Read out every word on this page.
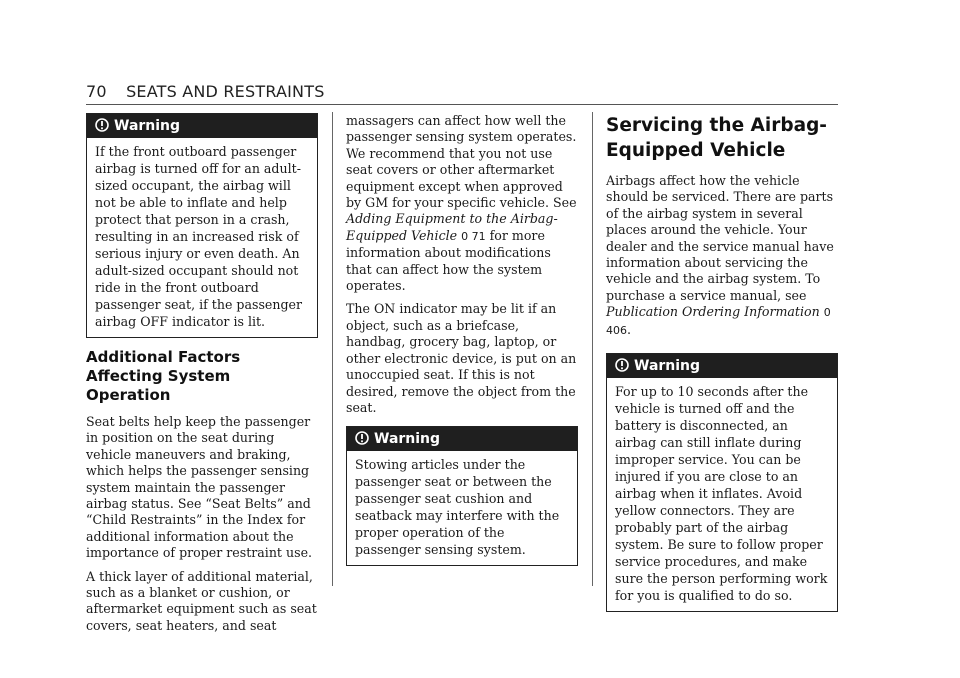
70 SEATS AND RESTRAINTS
Warning
If the front outboard passenger airbag is turned off for an adult-sized occupant, the airbag will not be able to inflate and help protect that person in a crash, resulting in an increased risk of serious injury or even death. An adult-sized occupant should not ride in the front outboard passenger seat, if the passenger airbag OFF indicator is lit.
Additional Factors Affecting System Operation

Seat belts help keep the passenger in position on the seat during vehicle maneuvers and braking, which helps the passenger sensing system maintain the passenger airbag status. See “Seat Belts” and “Child Restraints” in the Index for additional information about the importance of proper restraint use.

A thick layer of additional material, such as a blanket or cushion, or aftermarket equipment such as seat covers, seat heaters, and seat

massagers can affect how well the passenger sensing system operates. We recommend that you not use seat covers or other aftermarket equipment except when approved by GM for your specific vehicle. See Adding Equipment to the Airbag-Equipped Vehicle 0 71 for more information about modifications that can affect how the system operates.

The ON indicator may be lit if an object, such as a briefcase, handbag, grocery bag, laptop, or other electronic device, is put on an unoccupied seat. If this is not desired, remove the object from the seat.

Warning
Stowing articles under the passenger seat or between the passenger seat cushion and seatback may interfere with the proper operation of the passenger sensing system.
Servicing the Airbag-Equipped Vehicle

Airbags affect how the vehicle should be serviced. There are parts of the airbag system in several places around the vehicle. Your dealer and the service manual have information about servicing the vehicle and the airbag system. To purchase a service manual, see Publication Ordering Information 0 406.

Warning
For up to 10 seconds after the vehicle is turned off and the battery is disconnected, an airbag can still inflate during improper service. You can be injured if you are close to an airbag when it inflates. Avoid yellow connectors. They are probably part of the airbag system. Be sure to follow proper service procedures, and make sure the person performing work for you is qualified to do so.
